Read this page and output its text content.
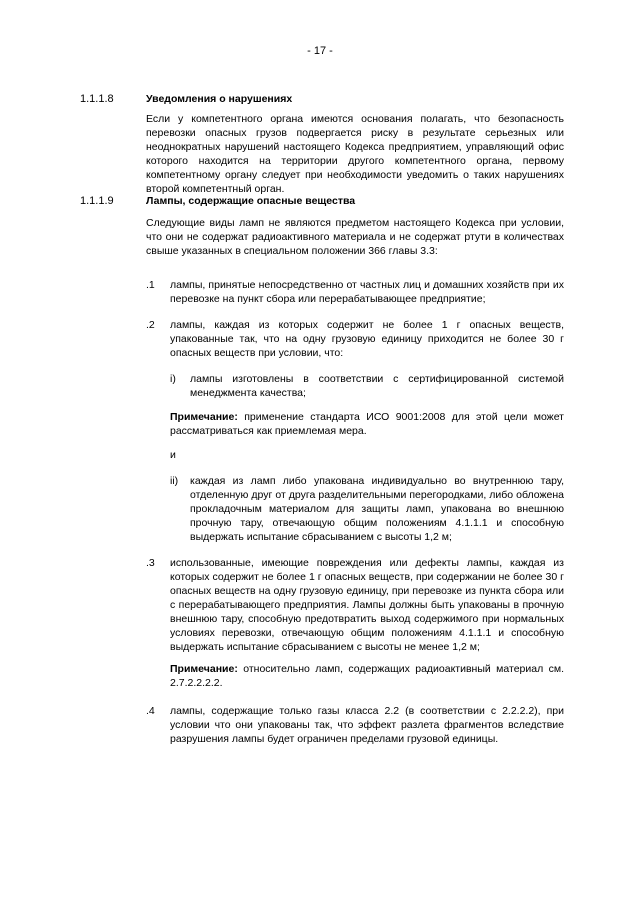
- 17 -
1.1.1.8	Уведомления о нарушениях
Если у компетентного органа имеются основания полагать, что безопасность перевозки опасных грузов подвергается риску в результате серьезных или неоднократных нарушений настоящего Кодекса предприятием, управляющий офис которого находится на территории другого компетентного органа, первому компетентному органу следует при необходимости уведомить о таких нарушениях второй компетентный орган.
1.1.1.9	Лампы, содержащие опасные вещества
Следующие виды ламп не являются предметом настоящего Кодекса при условии, что они не содержат радиоактивного материала и не содержат ртути в количествах свыше указанных в специальном положении 366 главы 3.3:
.1 лампы, принятые непосредственно от частных лиц и домашних хозяйств при их перевозке на пункт сбора или перерабатывающее предприятие;
.2 лампы, каждая из которых содержит не более 1 г опасных веществ, упакованные так, что на одну грузовую единицу приходится не более 30 г опасных веществ при условии, что:
i) лампы изготовлены в соответствии с сертифицированной системой менеджмента качества;
Примечание: применение стандарта ИСО 9001:2008 для этой цели может рассматриваться как приемлемая мера.
и
ii) каждая из ламп либо упакована индивидуально во внутреннюю тару, отделенную друг от друга разделительными перегородками, либо обложена прокладочным материалом для защиты ламп, упакована во внешнюю прочную тару, отвечающую общим положениям 4.1.1.1 и способную выдержать испытание сбрасыванием с высоты 1,2 м;
.3 использованные, имеющие повреждения или дефекты лампы, каждая из которых содержит не более 1 г опасных веществ, при содержании не более 30 г опасных веществ на одну грузовую единицу, при перевозке из пункта сбора или с перерабатывающего предприятия. Лампы должны быть упакованы в прочную внешнюю тару, способную предотвратить выход содержимого при нормальных условиях перевозки, отвечающую общим положениям 4.1.1.1 и способную выдержать испытание сбрасыванием с высоты не менее 1,2 м;
Примечание: относительно ламп, содержащих радиоактивный материал см. 2.7.2.2.2.2.
.4 лампы, содержащие только газы класса 2.2 (в соответствии с 2.2.2.2), при условии что они упакованы так, что эффект разлета фрагментов вследствие разрушения лампы будет ограничен пределами грузовой единицы.
